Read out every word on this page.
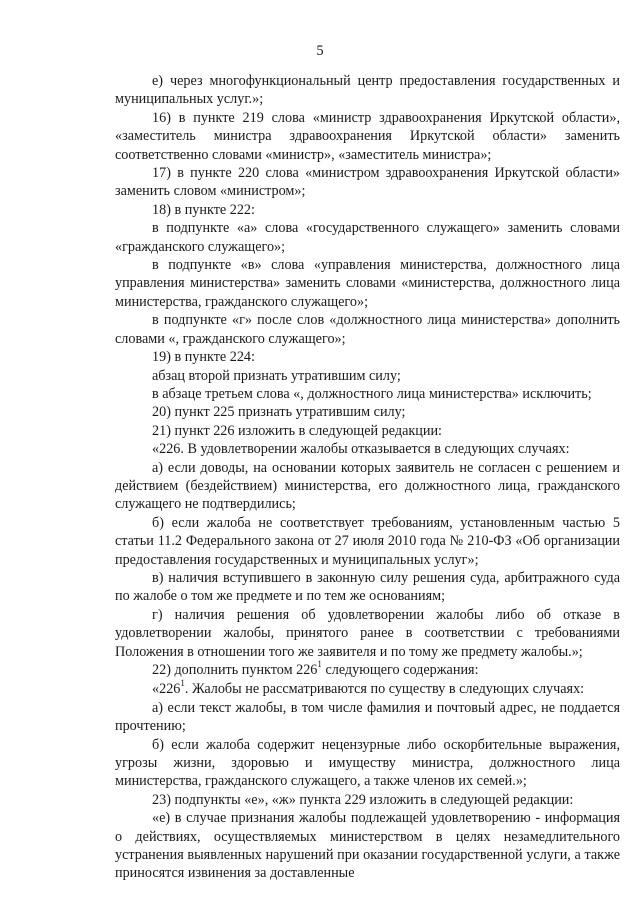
5

е) через многофункциональный центр предоставления государственных и муниципальных услуг.»;

16) в пункте 219 слова «министр здравоохранения Иркутской области», «заместитель министра здравоохранения Иркутской области» заменить соответственно словами «министр», «заместитель министра»;

17) в пункте 220 слова «министром здравоохранения Иркутской области» заменить словом «министром»;

18) в пункте 222:

в подпункте «а» слова «государственного служащего» заменить словами «гражданского служащего»;

в подпункте «в» слова «управления министерства, должностного лица управления министерства» заменить словами «министерства, должностного лица министерства, гражданского служащего»;

в подпункте «г» после слов «должностного лица министерства» дополнить словами «, гражданского служащего»;

19) в пункте 224:

абзац второй признать утратившим силу;

в абзаце третьем слова «, должностного лица министерства» исключить;

20) пункт 225 признать утратившим силу;

21) пункт 226 изложить в следующей редакции:

«226. В удовлетворении жалобы отказывается в следующих случаях:

а) если доводы, на основании которых заявитель не согласен с решением и действием (бездействием) министерства, его должностного лица, гражданского служащего не подтвердились;

б) если жалоба не соответствует требованиям, установленным частью 5 статьи 11.2 Федерального закона от 27 июля 2010 года № 210-ФЗ «Об организации предоставления государственных и муниципальных услуг»;

в) наличия вступившего в законную силу решения суда, арбитражного суда по жалобе о том же предмете и по тем же основаниям;

г) наличия решения об удовлетворении жалобы либо об отказе в удовлетворении жалобы, принятого ранее в соответствии с требованиями Положения в отношении того же заявителя и по тому же предмету жалобы.»;

22) дополнить пунктом $226^1$ следующего содержания:

«$226^1$. Жалобы не рассматриваются по существу в следующих случаях:

а) если текст жалобы, в том числе фамилия и почтовый адрес, не поддается прочтению;

б) если жалоба содержит нецензурные либо оскорбительные выражения, угрозы жизни, здоровью и имуществу министра, должностного лица министерства, гражданского служащего, а также членов их семей.»;

23) подпункты «е», «ж» пункта 229 изложить в следующей редакции:

«е) в случае признания жалобы подлежащей удовлетворению - информация о действиях, осуществляемых министерством в целях незамедлительного устранения выявленных нарушений при оказании государственной услуги, а также приносятся извинения за доставленные
